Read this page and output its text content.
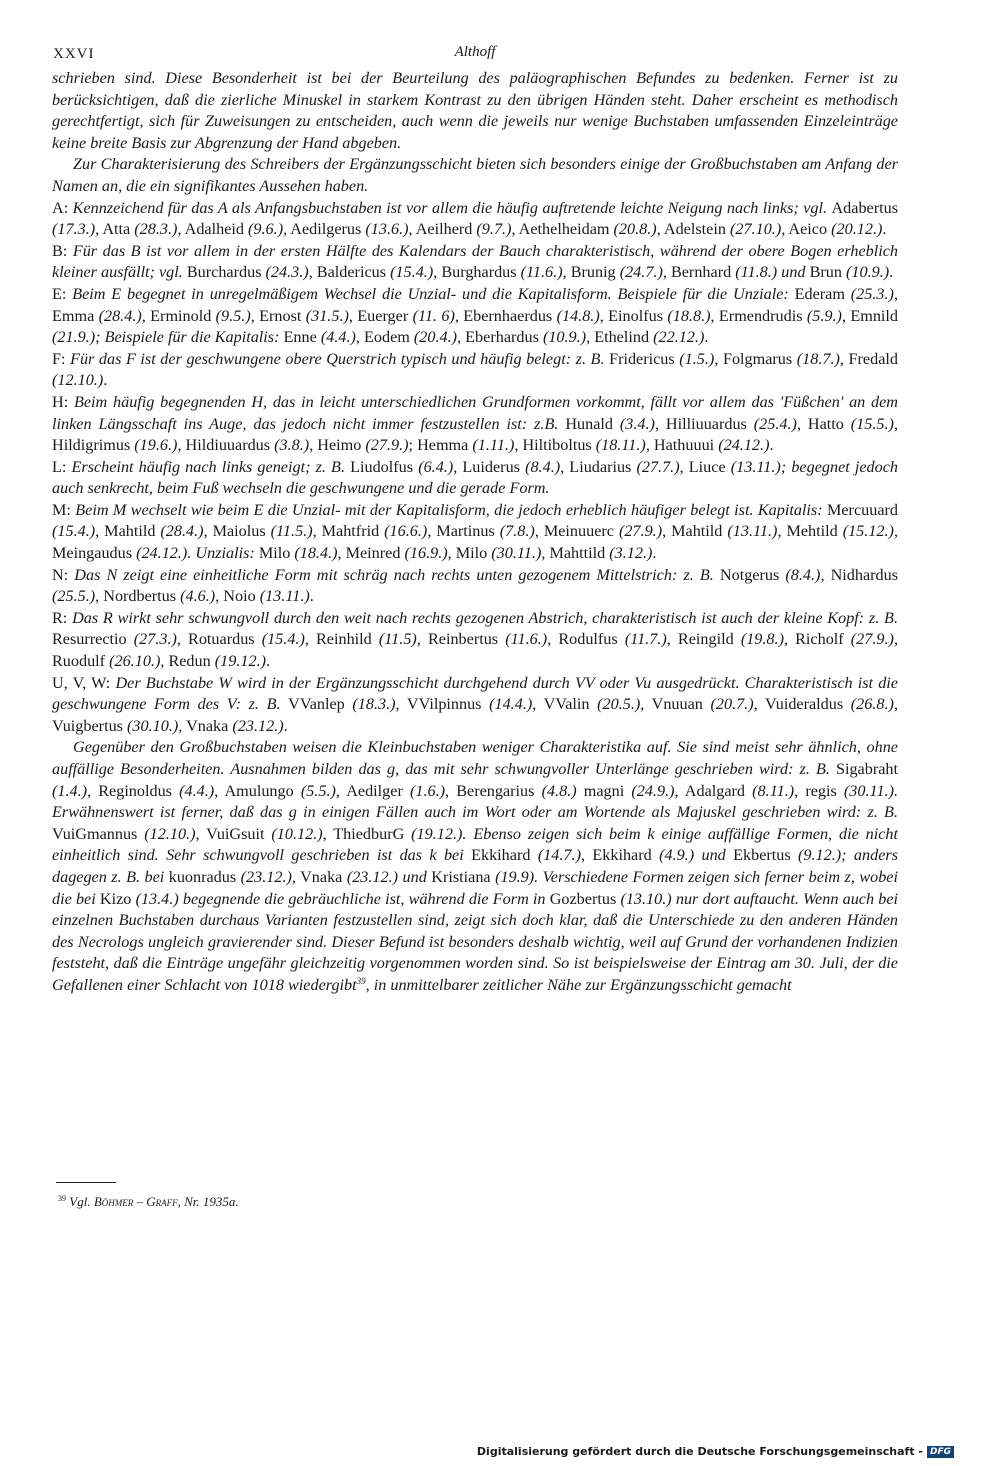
XXVI	Althoff

schrieben sind. Diese Besonderheit ist bei der Beurteilung des paläographischen Befundes zu bedenken. Ferner ist zu berücksichtigen, daß die zierliche Minuskel in starkem Kontrast zu den übrigen Händen steht. Daher erscheint es methodisch gerechtfertigt, sich für Zuweisungen zu entscheiden, auch wenn die jeweils nur wenige Buchstaben umfassenden Einzeleinträge keine breite Basis zur Abgrenzung der Hand abgeben.

Zur Charakterisierung des Schreibers der Ergänzungsschicht bieten sich besonders einige der Großbuchstaben am Anfang der Namen an, die ein signifikantes Aussehen haben.

A: Kennzeichend für das A als Anfangsbuchstaben ist vor allem die häufig auftretende leichte Neigung nach links; vgl. Adabertus (17.3.), Atta (28.3.), Adalheid (9.6.), Aedilgerus (13.6.), Aeilherd (9.7.), Aethelheidam (20.8.), Adelstein (27.10.), Aeico (20.12.).

B: Für das B ist vor allem in der ersten Hälfte des Kalendars der Bauch charakteristisch, während der obere Bogen erheblich kleiner ausfällt; vgl. Burchardus (24.3.), Baldericus (15.4.), Burghardus (11.6.), Brunig (24.7.), Bernhard (11.8.) und Brun (10.9.).

E: Beim E begegnet in unregelmäßigem Wechsel die Unzial- und die Kapitalisform. Beispiele für die Unziale: Ederam (25.3.), Emma (28.4.), Erminold (9.5.), Ernost (31.5.), Euerger (11. 6), Ebernhaerdus (14.8.), Einolfus (18.8.), Ermendrudis (5.9.), Emnild (21.9.); Beispiele für die Kapitalis: Enne (4.4.), Eodem (20.4.), Eberhardus (10.9.), Ethelind (22.12.).

F: Für das F ist der geschwungene obere Querstrich typisch und häufig belegt: z. B. Fridericus (1.5.), Folgmarus (18.7.), Fredald (12.10.).

H: Beim häufig begegnenden H, das in leicht unterschiedlichen Grundformen vorkommt, fällt vor allem das 'Füßchen' an dem linken Längsschaft ins Auge, das jedoch nicht immer festzustellen ist: z.B. Hunald (3.4.), Hilliuuardus (25.4.), Hatto (15.5.), Hildigrimus (19.6.), Hildiuuardus (3.8.), Heimo (27.9.); Hemma (1.11.), Hiltiboltus (18.11.), Hathuuui (24.12.).

L: Erscheint häufig nach links geneigt; z. B. Liudolfus (6.4.), Luiderus (8.4.), Liudarius (27.7.), Liuce (13.11.); begegnet jedoch auch senkrecht, beim Fuß wechseln die geschwungene und die gerade Form.

M: Beim M wechselt wie beim E die Unzial- mit der Kapitalisform, die jedoch erheblich häufiger belegt ist. Kapitalis: Mercuuard (15.4.), Mahtild (28.4.), Maiolus (11.5.), Mahtfrid (16.6.), Martinus (7.8.), Meinuuerc (27.9.), Mahtild (13.11.), Mehtild (15.12.), Meingaudus (24.12.). Unzialis: Milo (18.4.), Meinred (16.9.), Milo (30.11.), Mahttild (3.12.).

N: Das N zeigt eine einheitliche Form mit schräg nach rechts unten gezogenem Mittelstrich: z. B. Notgerus (8.4.), Nidhardus (25.5.), Nordbertus (4.6.), Noio (13.11.).

R: Das R wirkt sehr schwungvoll durch den weit nach rechts gezogenen Abstrich, charakteristisch ist auch der kleine Kopf: z. B. Resurrectio (27.3.), Rotuardus (15.4.), Reinhild (11.5), Reinbertus (11.6.), Rodulfus (11.7.), Reingild (19.8.), Richolf (27.9.), Ruodulf (26.10.), Redun (19.12.).

U, V, W: Der Buchstabe W wird in der Ergänzungsschicht durchgehend durch VV oder Vu ausgedrückt. Charakteristisch ist die geschwungene Form des V: z. B. VVanlep (18.3.), VVilpinnus (14.4.), VValin (20.5.), Vnuuan (20.7.), Vuideraldus (26.8.), Vuigbertus (30.10.), Vnaka (23.12.).

Gegenüber den Großbuchstaben weisen die Kleinbuchstaben weniger Charakteristika auf. Sie sind meist sehr ähnlich, ohne auffällige Besonderheiten. Ausnahmen bilden das g, das mit sehr schwungvoller Unterlänge geschrieben wird: z. B. Sigabraht (1.4.), Reginoldus (4.4.), Amulungo (5.5.), Aedilger (1.6.), Berengarius (4.8.) magni (24.9.), Adalgard (8.11.), regis (30.11.). Erwähnenswert ist ferner, daß das g in einigen Fällen auch im Wort oder am Wortende als Majuskel geschrieben wird: z. B. VuiGmannus (12.10.), VuiGsuit (10.12.), ThiedburG (19.12.). Ebenso zeigen sich beim k einige auffällige Formen, die nicht einheitlich sind. Sehr schwungvoll geschrieben ist das k bei Ekkihard (14.7.), Ekkihard (4.9.) und Ekbertus (9.12.); anders dagegen z. B. bei kuonradus (23.12.), Vnaka (23.12.) und Kristiana (19.9). Verschiedene Formen zeigen sich ferner beim z, wobei die bei Kizo (13.4.) begegnende die gebräuchliche ist, während die Form in Gozbertus (13.10.) nur dort auftaucht. Wenn auch bei einzelnen Buchstaben durchaus Varianten festzustellen sind, zeigt sich doch klar, daß die Unterschiede zu den anderen Händen des Necrologs ungleich gravierender sind. Dieser Befund ist besonders deshalb wichtig, weil auf Grund der vorhandenen Indizien feststeht, daß die Einträge ungefähr gleichzeitig vorgenommen worden sind. So ist beispielsweise der Eintrag am 30. Juli, der die Gefallenen einer Schlacht von 1018 wiedergibt$^{39}$, in unmittelbarer zeitlicher Nähe zur Ergänzungsschicht gemacht

$^{39}$ Vgl. Böhmer – Graff, Nr. 1935a.
Digitalisierung gefördert durch die Deutsche Forschungsgemeinschaft - DFG
